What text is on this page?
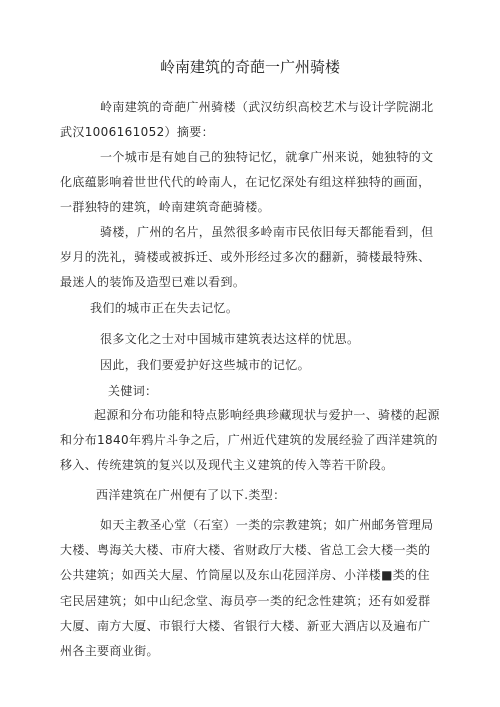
岭南建筑的奇葩一广州骑楼

岭南建筑的奇葩广州骑楼（武汉纺织高校艺术与设计学院湖北武汉1006161052）摘要：

一个城市是有她自己的独特记忆，就拿广州来说，她独特的文化底蕴影响着世世代代的岭南人，在记忆深处有组这样独特的画面，一群独特的建筑，岭南建筑奇葩骑楼。

骑楼，广州的名片，虽然很多岭南市民依旧每天都能看到，但岁月的洗礼，骑楼或被拆迁、或外形经过多次的翻新，骑楼最特殊、最迷人的装饰及造型已难以看到。

我们的城市正在失去记忆。

很多文化之士对中国城市建筑表达这样的忧思。

因此，我们要爱护好这些城市的记忆。

关健词：

起源和分布功能和特点影响经典珍藏现状与爱护一、骑楼的起源和分布1840年鸦片斗争之后，广州近代建筑的发展经验了西洋建筑的移入、传统建筑的复兴以及现代主义建筑的传入等若干阶段。

西洋建筑在广州便有了以下.类型：

如天主教圣心堂（石室）一类的宗教建筑；如广州邮务管理局大楼、粤海关大楼、市府大楼、省财政厅大楼、省总工会大楼一类的公共建筑；如西关大屋、竹筒屋以及东山花园洋房、小洋楼■类的住宅民居建筑；如中山纪念堂、海员亭一类的纪念性建筑；还有如爱群大厦、南方大厦、市银行大楼、省银行大楼、新亚大酒店以及遍布广州各主要商业街。
